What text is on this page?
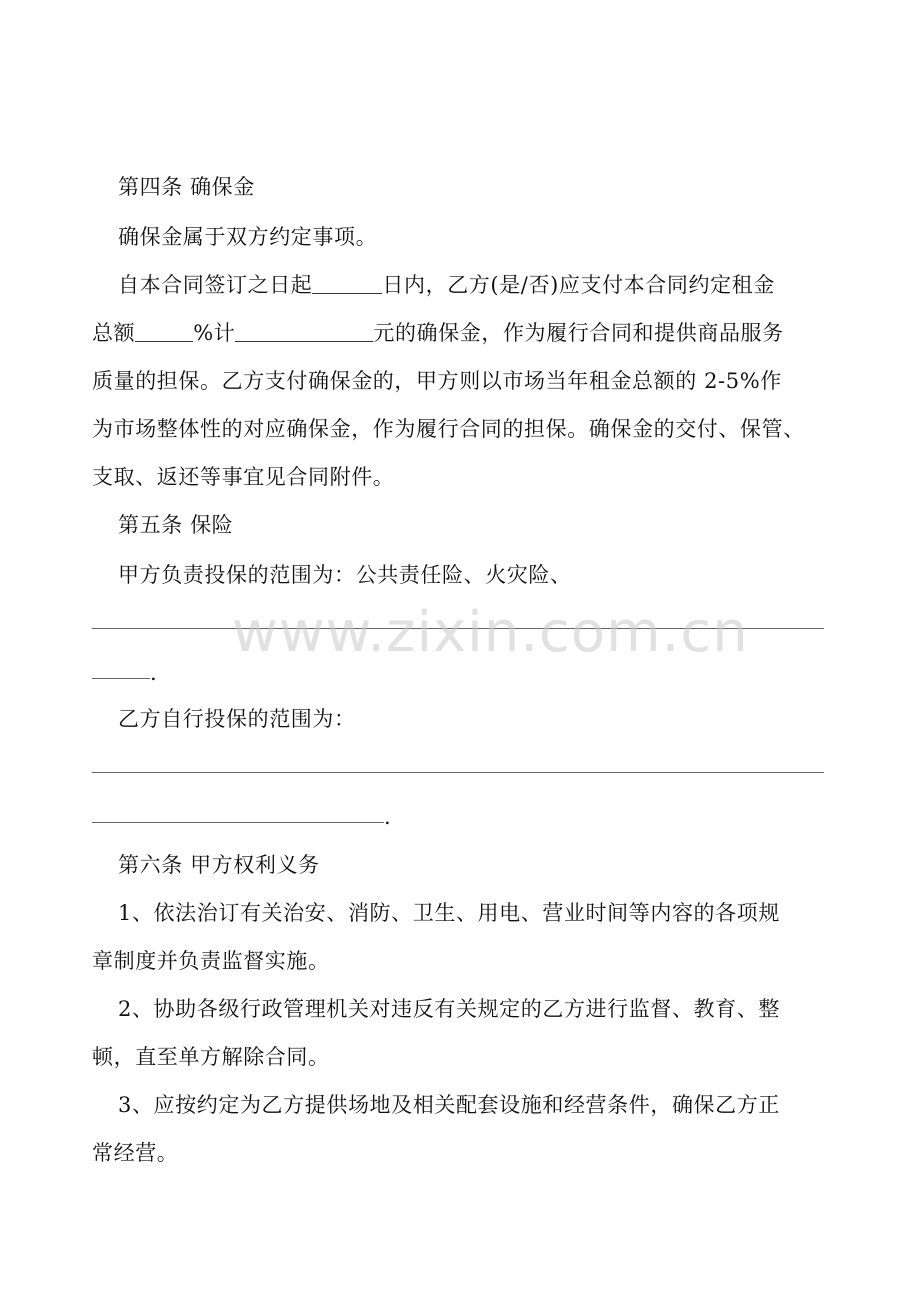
第四条 确保金
确保金属于双方约定事项。
自本合同签订之日起	日内，乙方(是/否)应支付本合同约定租金
总额	%计	元的确保金，作为履行合同和提供商品服务
质量的担保。乙方支付确保金的，甲方则以市场当年租金总额的 2-5%作
为市场整体性的对应确保金，作为履行合同的担保。确保金的交付、保管、
支取、返还等事宜见合同附件。
第五条 保险
甲方负责投保的范围为：公共责任险、火灾险、
.
乙方自行投保的范围为：
.
第六条 甲方权利义务
1、依法治订有关治安、消防、卫生、用电、营业时间等内容的各项规
章制度并负责监督实施。
2、协助各级行政管理机关对违反有关规定的乙方进行监督、教育、整
顿，直至单方解除合同。
3、应按约定为乙方提供场地及相关配套设施和经营条件，确保乙方正
常经营。
www.zixin.com.cn
